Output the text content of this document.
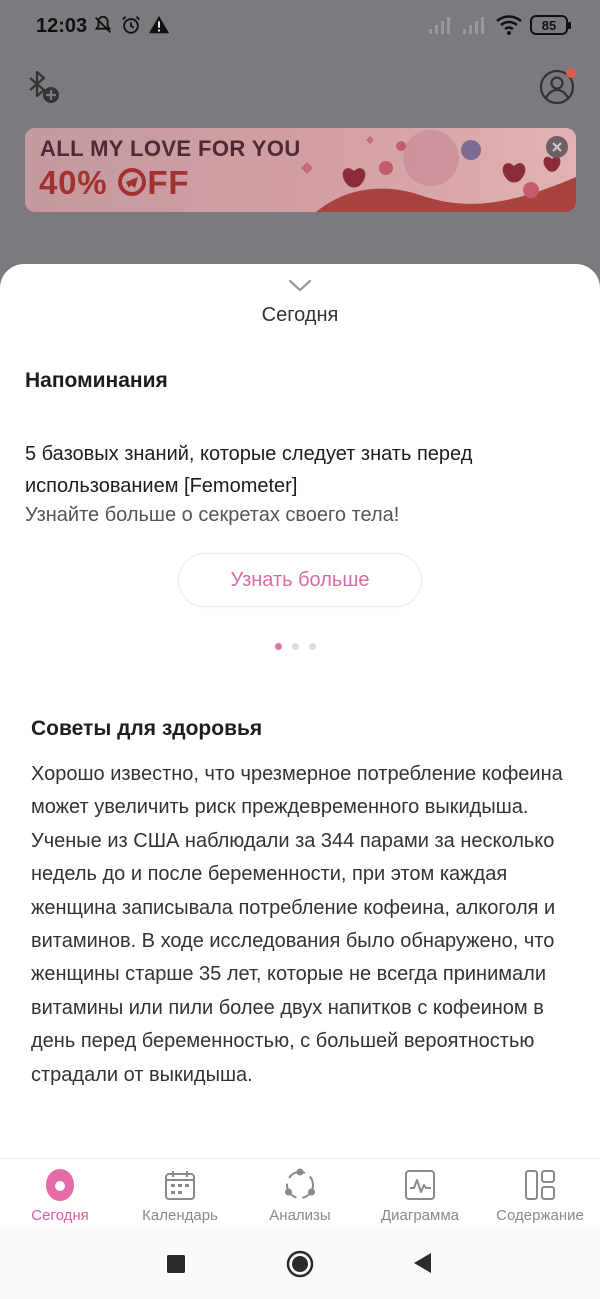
12:03	85
ALL MY LOVE FOR YOU
40% FF
Сегодня
Напоминания
5 базовых знаний, которые следует знать перед использованием [Femometer]
Узнайте больше о секретах своего тела!
Узнать больше
Советы для здоровья
Хорошо известно, что чрезмерное потребление кофеина может увеличить риск преждевременного выкидыша. Ученые из США наблюдали за 344 парами за несколько недель до и после беременности, при этом каждая женщина записывала потребление кофеина, алкоголя и витаминов. В ходе исследования было обнаружено, что женщины старше 35 лет, которые не всегда принимали витамины или пили более двух напитков с кофеином в день перед беременностью, с большей вероятностью страдали от выкидыша.
Сегодня	Календарь	Анализы	Диаграмма Содержание
